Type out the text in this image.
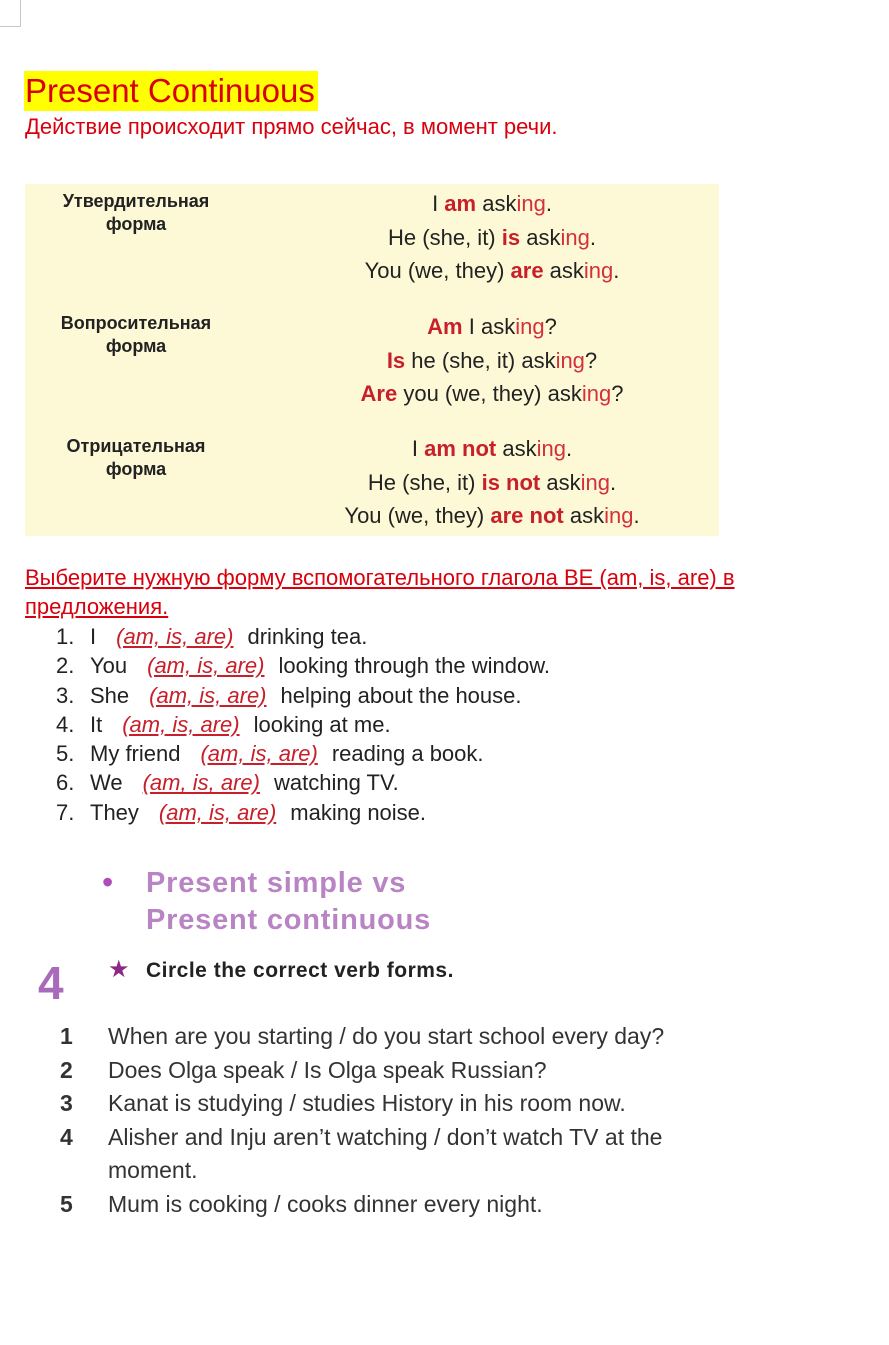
Present Continuous
Действие происходит прямо сейчас, в момент речи.
Утвердительная
форма
I am asking.
He (she, it) is asking.
You (we, they) are asking.
Вопросительная
форма
Am I asking?
Is he (she, it) asking?
Are you (we, they) asking?
Отрицательная
форма
I am not asking.
He (she, it) is not asking.
You (we, they) are not asking.
Выберите нужную форму вспомогательного глагола BE (am, is, are) в предложения.
1. I (am, is, are) drinking tea.
2. You (am, is, are) looking through the window.
3. She (am, is, are) helping about the house.
4. It (am, is, are) looking at me.
5. My friend (am, is, are) reading a book.
6. We (am, is, are) watching TV.
7. They (am, is, are) making noise.
• Present simple vs
Present continuous
4 ★ Circle the correct verb forms.
1 When are you starting / do you start school every day?
2 Does Olga speak / Is Olga speak Russian?
3 Kanat is studying / studies History in his room now.
4 Alisher and Inju aren’t watching / don’t watch TV at the moment.
5 Mum is cooking / cooks dinner every night.
